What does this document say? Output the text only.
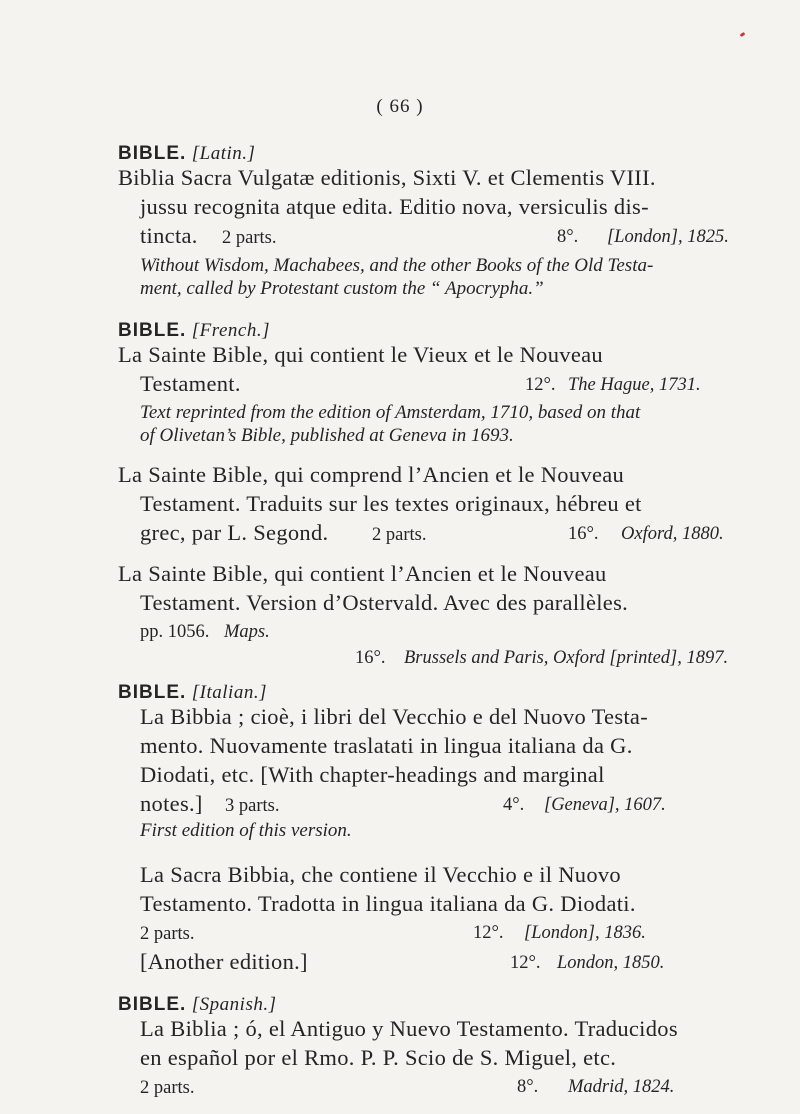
( 66 )
BIBLE. [Latin.]
Biblia Sacra Vulgatæ editionis, Sixti V. et Clementis VIII.
jussu recognita atque edita. Editio nova, versiculis dis-
tincta. 2 parts.	8°. [London], 1825.
Without Wisdom, Machabees, and the other Books of the Old Testa-
ment, called by Protestant custom the “ Apocrypha.”
BIBLE. [French.]
La Sainte Bible, qui contient le Vieux et le Nouveau
Testament.	12°. The Hague, 1731.
Text reprinted from the edition of Amsterdam, 1710, based on that
of Olivetan’s Bible, published at Geneva in 1693.
La Sainte Bible, qui comprend l’Ancien et le Nouveau
Testament. Traduits sur les textes originaux, hébreu et
grec, par L. Segond. 2 parts.	16°. Oxford, 1880.
La Sainte Bible, qui contient l’Ancien et le Nouveau
Testament. Version d’Ostervald. Avec des parallèles.
pp. 1056. Maps.
16°. Brussels and Paris, Oxford [printed], 1897.
BIBLE. [Italian.]
La Bibbia ; cioè, i libri del Vecchio e del Nuovo Testa-
mento. Nuovamente traslatati in lingua italiana da G.
Diodati, etc. [With chapter-headings and marginal
notes.] 3 parts.	4°. [Geneva], 1607.
First edition of this version.
La Sacra Bibbia, che contiene il Vecchio e il Nuovo
Testamento. Tradotta in lingua italiana da G. Diodati.
2 parts.	12°. [London], 1836.
[Another edition.]	12°. London, 1850.
BIBLE. [Spanish.]
La Biblia ; ó, el Antiguo y Nuevo Testamento. Traducidos
en español por el Rmo. P. P. Scio de S. Miguel, etc.
2 parts.	8°. Madrid, 1824.
